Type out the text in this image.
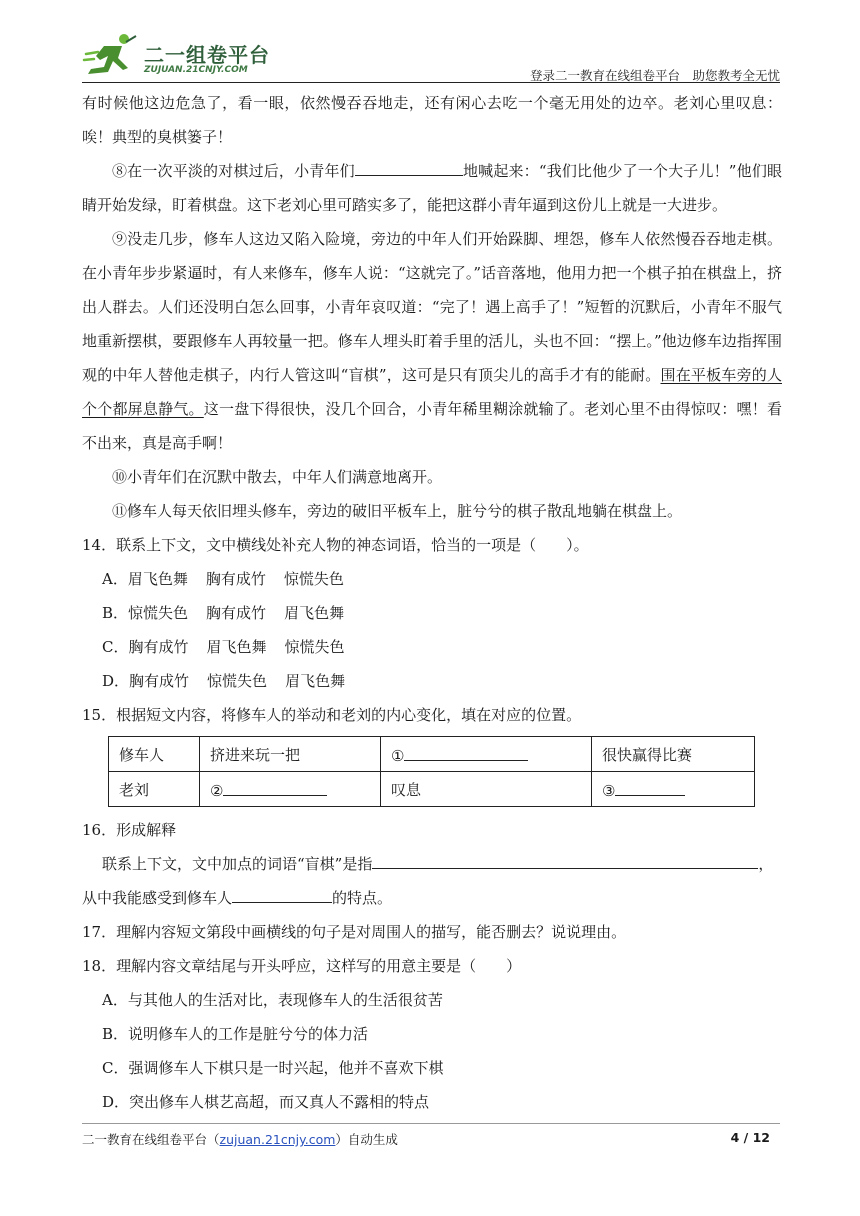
二一组卷平台
ZUJUAN.21CNJY.COM	登录二一教育在线组卷平台　助您教考全无忧

有时候他这边危急了，看一眼，依然慢吞吞地走，还有闲心去吃一个毫无用处的边卒。老刘心里叹息：唉！典型的臭棋篓子！

⑧在一次平淡的对棋过后，小青年们	地喊起来：“我们比他少了一个大子儿！”他们眼睛开始发绿，盯着棋盘。这下老刘心里可踏实多了，能把这群小青年逼到这份儿上就是一大进步。

⑨没走几步，修车人这边又陷入险境，旁边的中年人们开始跺脚、埋怨，修车人依然慢吞吞地走棋。在小青年步步紧逼时，有人来修车，修车人说：“这就完了。”话音落地，他用力把一个棋子拍在棋盘上，挤出人群去。人们还没明白怎么回事，小青年哀叹道：“完了！遇上高手了！”短暂的沉默后，小青年不服气地重新摆棋，要跟修车人再较量一把。修车人埋头盯着手里的活儿，头也不回：“摆上。”他边修车边指挥围观的中年人替他走棋子，内行人管这叫“盲棋”，这可是只有顶尖儿的高手才有的能耐。围在平板车旁的人个个都屏息静气。这一盘下得很快，没几个回合，小青年稀里糊涂就输了。老刘心里不由得惊叹：嘿！看不出来，真是高手啊！

⑩小青年们在沉默中散去，中年人们满意地离开。

⑪修车人每天依旧埋头修车，旁边的破旧平板车上，脏兮兮的棋子散乱地躺在棋盘上。

14．联系上下文，文中横线处补充人物的神态词语，恰当的一项是（　　）。

A．眉飞色舞 胸有成竹 惊慌失色

B．惊慌失色 胸有成竹 眉飞色舞

C．胸有成竹 眉飞色舞 惊慌失色

D．胸有成竹 惊慌失色 眉飞色舞

15．根据短文内容，将修车人的举动和老刘的内心变化，填在对应的位置。

修车人	挤进来玩一把	①	很快赢得比赛
老刘	②	叹息	③

16．形成解释

联系上下文，文中加点的词语“盲棋”是指	，

从中我能感受到修车人	的特点。

17．理解内容短文第段中画横线的句子是对周围人的描写，能否删去？说说理由。

18．理解内容文章结尾与开头呼应，这样写的用意主要是（　　）

A．与其他人的生活对比，表现修车人的生活很贫苦

B．说明修车人的工作是脏兮兮的体力活

C．强调修车人下棋只是一时兴起，他并不喜欢下棋

D．突出修车人棋艺高超，而又真人不露相的特点

二一教育在线组卷平台（zujuan.21cnjy.com）自动生成	4 / 12
